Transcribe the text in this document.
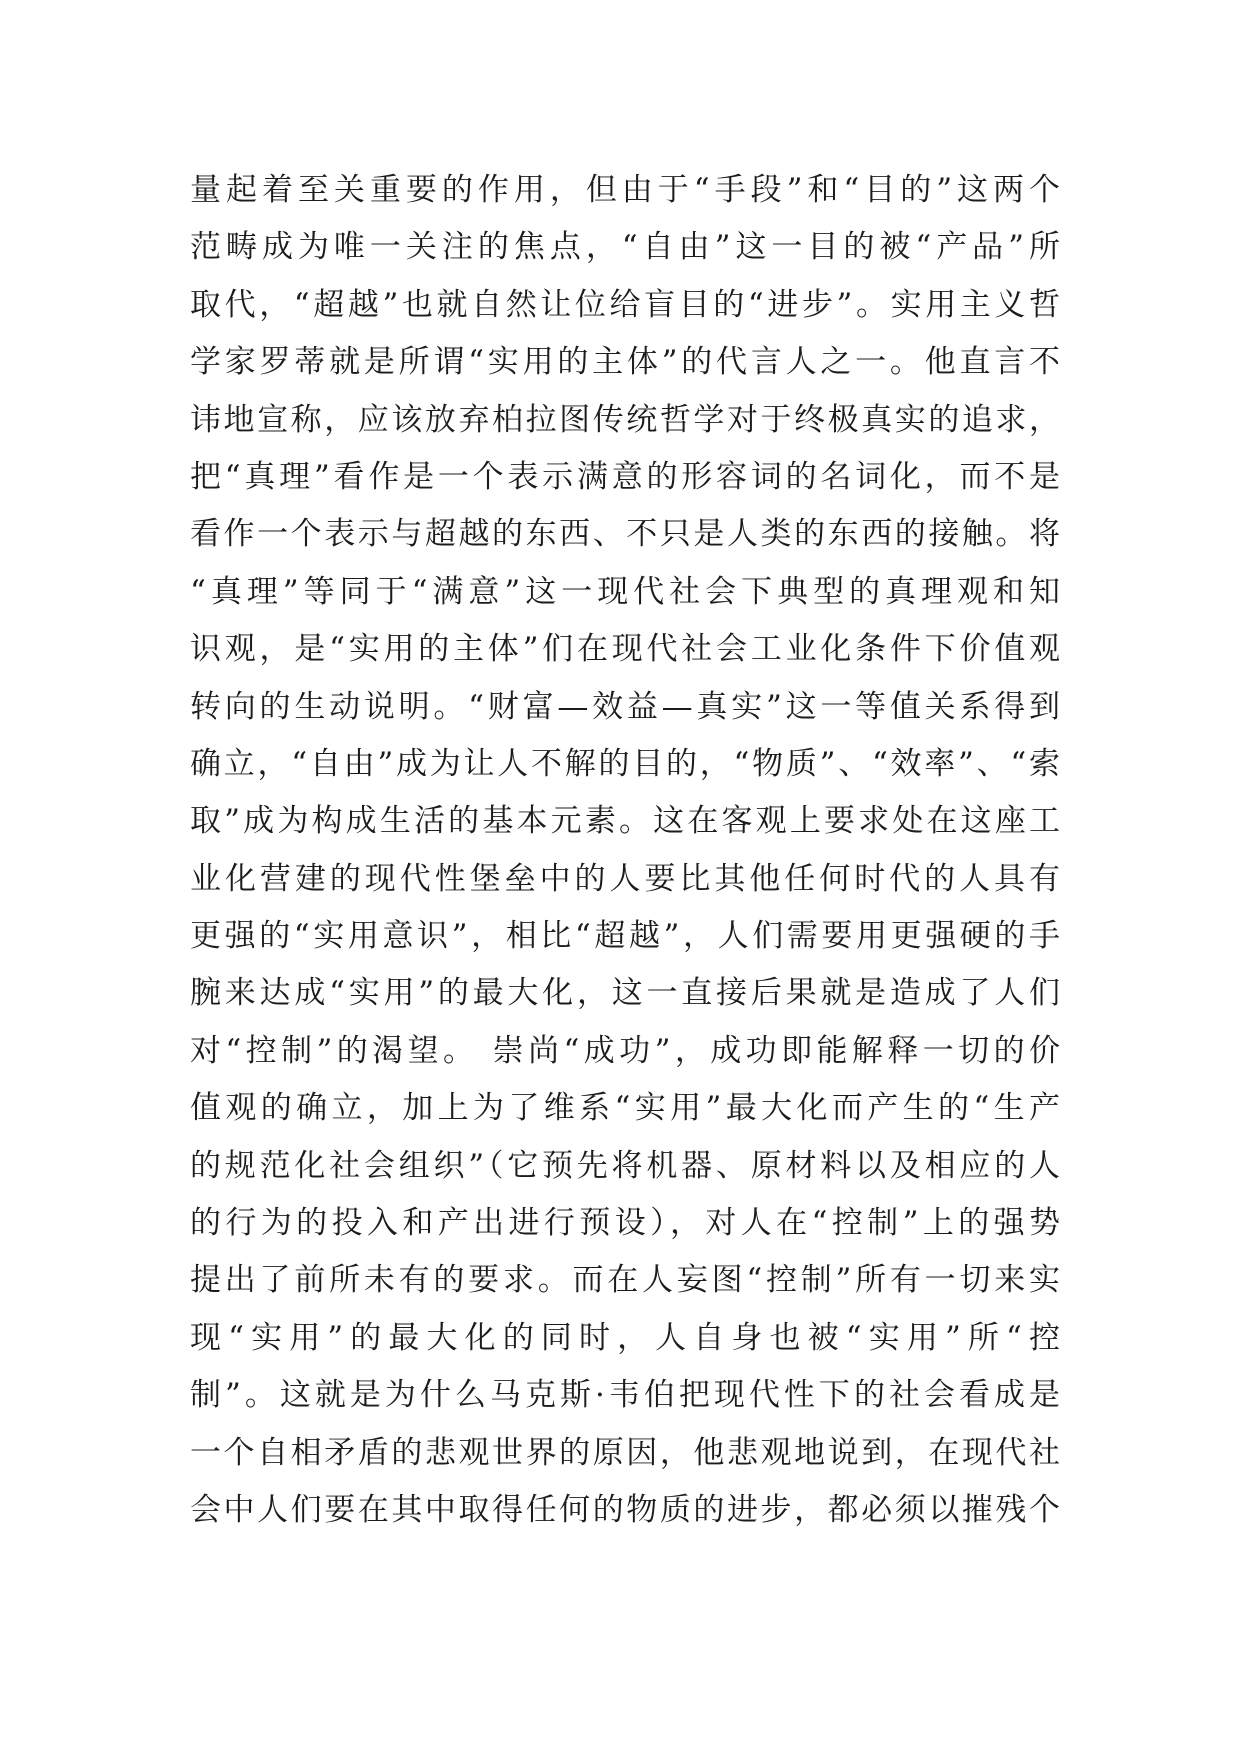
量起着至关重要的作用，但由于“手段”和“目的”这两个
范畴成为唯一关注的焦点，“自由”这一目的被“产品”所
取代，“超越”也就自然让位给盲目的“进步”。实用主义哲
学家罗蒂就是所谓“实用的主体”的代言人之一。他直言不
讳地宣称，应该放弃柏拉图传统哲学对于终极真实的追求，
把“真理”看作是一个表示满意的形容词的名词化，而不是
看作一个表示与超越的东西、不只是人类的东西的接触。将
“真理”等同于“满意”这一现代社会下典型的真理观和知
识观，是“实用的主体”们在现代社会工业化条件下价值观
转向的生动说明。“财富—效益—真实”这一等值关系得到
确立，“自由”成为让人不解的目的，“物质”、“效率”、“索
取”成为构成生活的基本元素。这在客观上要求处在这座工
业化营建的现代性堡垒中的人要比其他任何时代的人具有
更强的“实用意识”，相比“超越”，人们需要用更强硬的手
腕来达成“实用”的最大化，这一直接后果就是造成了人们
对“控制”的渴望。 崇尚“成功”，成功即能解释一切的价
值观的确立，加上为了维系“实用”最大化而产生的“生产
的规范化社会组织”（它预先将机器、原材料以及相应的人
的行为的投入和产出进行预设），对人在“控制”上的强势
提出了前所未有的要求。而在人妄图“控制”所有一切来实
现“实用”的最大化的同时，人自身也被“实用”所“控
制”。这就是为什么马克斯·韦伯把现代性下的社会看成是
一个自相矛盾的悲观世界的原因，他悲观地说到，在现代社
会中人们要在其中取得任何的物质的进步，都必须以摧残个
